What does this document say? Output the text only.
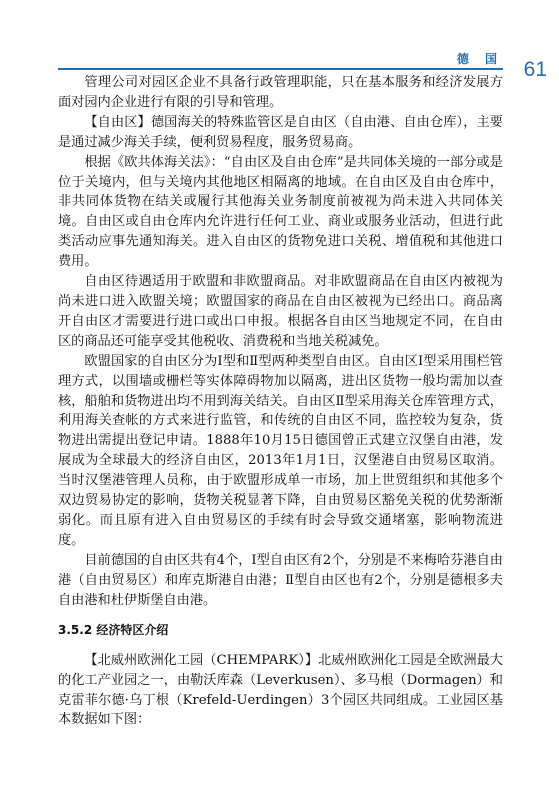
德 国 61

管理公司对园区企业不具备行政管理职能，只在基本服务和经济发展方面对园内企业进行有限的引导和管理。

【自由区】德国海关的特殊监管区是自由区（自由港、自由仓库），主要是通过减少海关手续，便利贸易程度，服务贸易商。

根据《欧共体海关法》：“自由区及自由仓库”是共同体关境的一部分或是位于关境内，但与关境内其他地区相隔离的地域。在自由区及自由仓库中，非共同体货物在结关或履行其他海关业务制度前被视为尚未进入共同体关境。自由区或自由仓库内允许进行任何工业、商业或服务业活动，但进行此类活动应事先通知海关。进入自由区的货物免进口关税、增值税和其他进口费用。

自由区待遇适用于欧盟和非欧盟商品。对非欧盟商品在自由区内被视为尚未进口进入欧盟关境；欧盟国家的商品在自由区被视为已经出口。商品离开自由区才需要进行进口或出口申报。根据各自由区当地规定不同，在自由区的商品还可能享受其他税收、消费税和当地关税减免。

欧盟国家的自由区分为Ⅰ型和Ⅱ型两种类型自由区。自由区Ⅰ型采用围栏管理方式，以围墙或栅栏等实体障碍物加以隔离，进出区货物一般均需加以查核，船舶和货物进出均不用到海关结关。自由区Ⅱ型采用海关仓库管理方式，利用海关查帐的方式来进行监管，和传统的自由区不同，监控较为复杂，货物进出需提出登记申请。1888年10月15日德国曾正式建立汉堡自由港，发展成为全球最大的经济自由区，2013年1月1日，汉堡港自由贸易区取消。当时汉堡港管理人员称，由于欧盟形成单一市场，加上世贸组织和其他多个双边贸易协定的影响，货物关税显著下降，自由贸易区豁免关税的优势渐渐弱化。而且原有进入自由贸易区的手续有时会导致交通堵塞，影响物流进度。

目前德国的自由区共有4个，Ⅰ型自由区有2个，分别是不来梅哈芬港自由港（自由贸易区）和库克斯港自由港；Ⅱ型自由区也有2个，分别是德根多夫自由港和杜伊斯堡自由港。

3.5.2 经济特区介绍

【北威州欧洲化工园（CHEMPARK）】北威州欧洲化工园是全欧洲最大的化工产业园之一，由勒沃库森（Leverkusen）、多马根（Dormagen）和克雷菲尔德·乌丁根（Krefeld-Uerdingen）3个园区共同组成。工业园区基本数据如下图：
